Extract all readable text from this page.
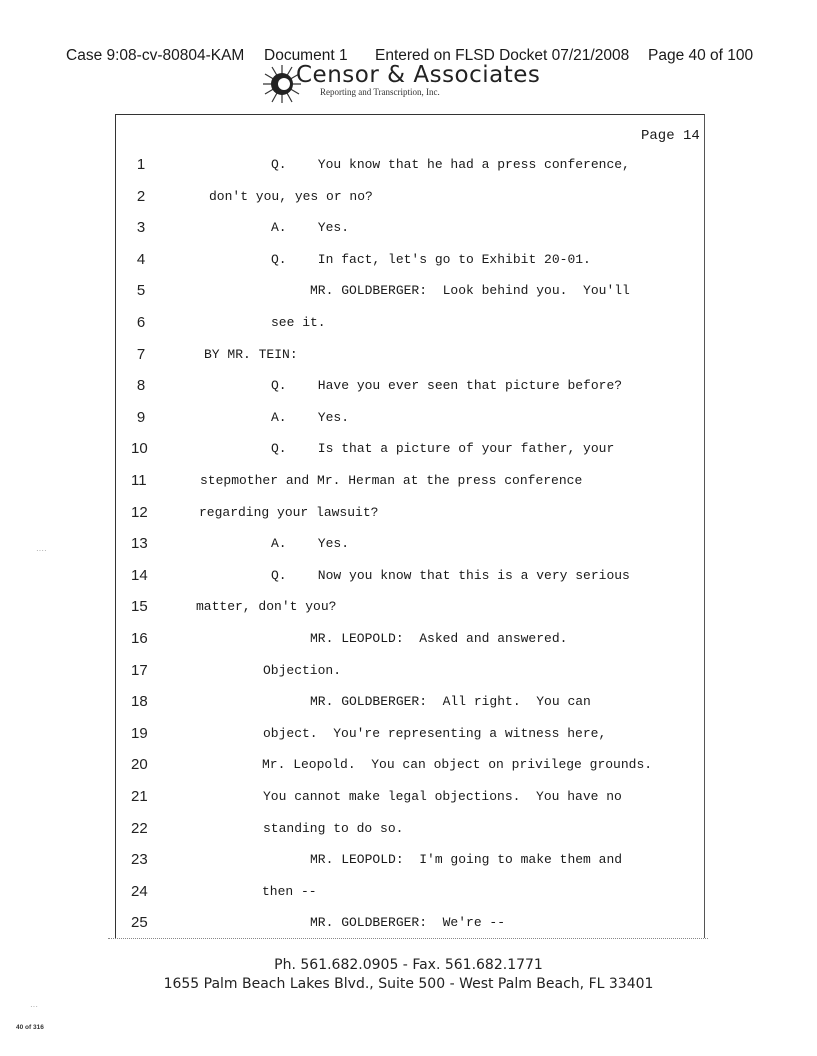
Case 9:08-cv-80804-KAM Document 1 Entered on FLSD Docket 07/21/2008 Page 40 of 100
Censor & Associates
Reporting and Transcription, Inc.
Page 14
1	Q.    You know that he had a press conference,
2	don't you, yes or no?
3	A.    Yes.
4	Q.    In fact, let's go to Exhibit 20-01.
5	MR. GOLDBERGER:  Look behind you.  You'll
6	see it.
7	BY MR. TEIN:
8	Q.    Have you ever seen that picture before?
9	A.    Yes.
10	Q.    Is that a picture of your father, your
11	stepmother and Mr. Herman at the press conference
12	regarding your lawsuit?
13	A.    Yes.
14	Q.    Now you know that this is a very serious
15	matter, don't you?
16	MR. LEOPOLD:  Asked and answered.
17	Objection.
18	MR. GOLDBERGER:  All right.  You can
19	object.  You're representing a witness here,
20	Mr. Leopold.  You can object on privilege grounds.
21	You cannot make legal objections.  You have no
22	standing to do so.
23	MR. LEOPOLD:  I'm going to make them and
24	then --
25	MR. GOLDBERGER:  We're --
Ph. 561.682.0905 - Fax. 561.682.1771
1655 Palm Beach Lakes Blvd., Suite 500 - West Palm Beach, FL 33401
40 of 316
····
···
